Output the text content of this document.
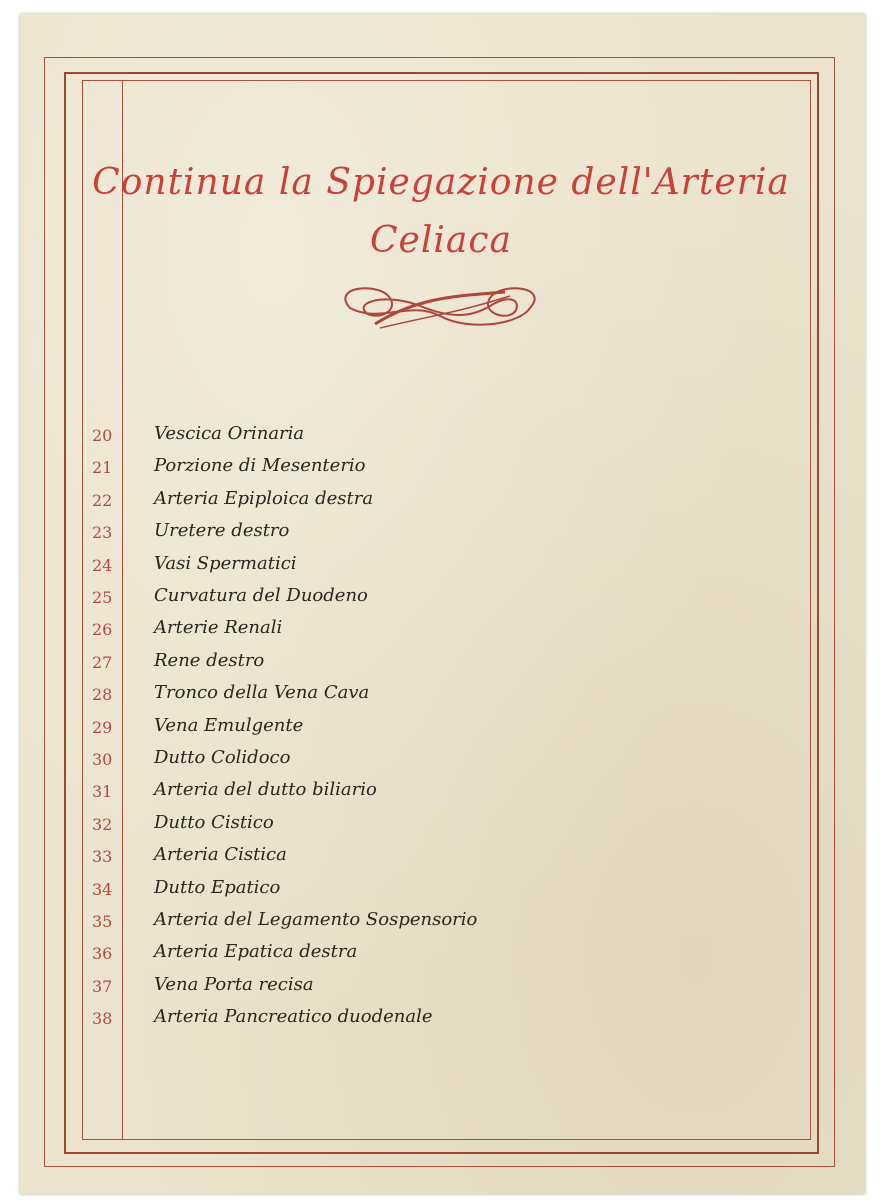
Continua la Spiegazione dell'Arteria
Celiaca
20	Vescica Orinaria
21	Porzione di Mesenterio
22	Arteria Epiploica destra
23	Uretere destro
24	Vasi Spermatici
25	Curvatura del Duodeno
26	Arterie Renali
27	Rene destro
28	Tronco della Vena Cava
29	Vena Emulgente
30	Dutto Colidoco
31	Arteria del dutto biliario
32	Dutto Cistico
33	Arteria Cistica
34	Dutto Epatico
35	Arteria del Legamento Sospensorio
36	Arteria Epatica destra
37	Vena Porta recisa
38	Arteria Pancreatico duodenale
